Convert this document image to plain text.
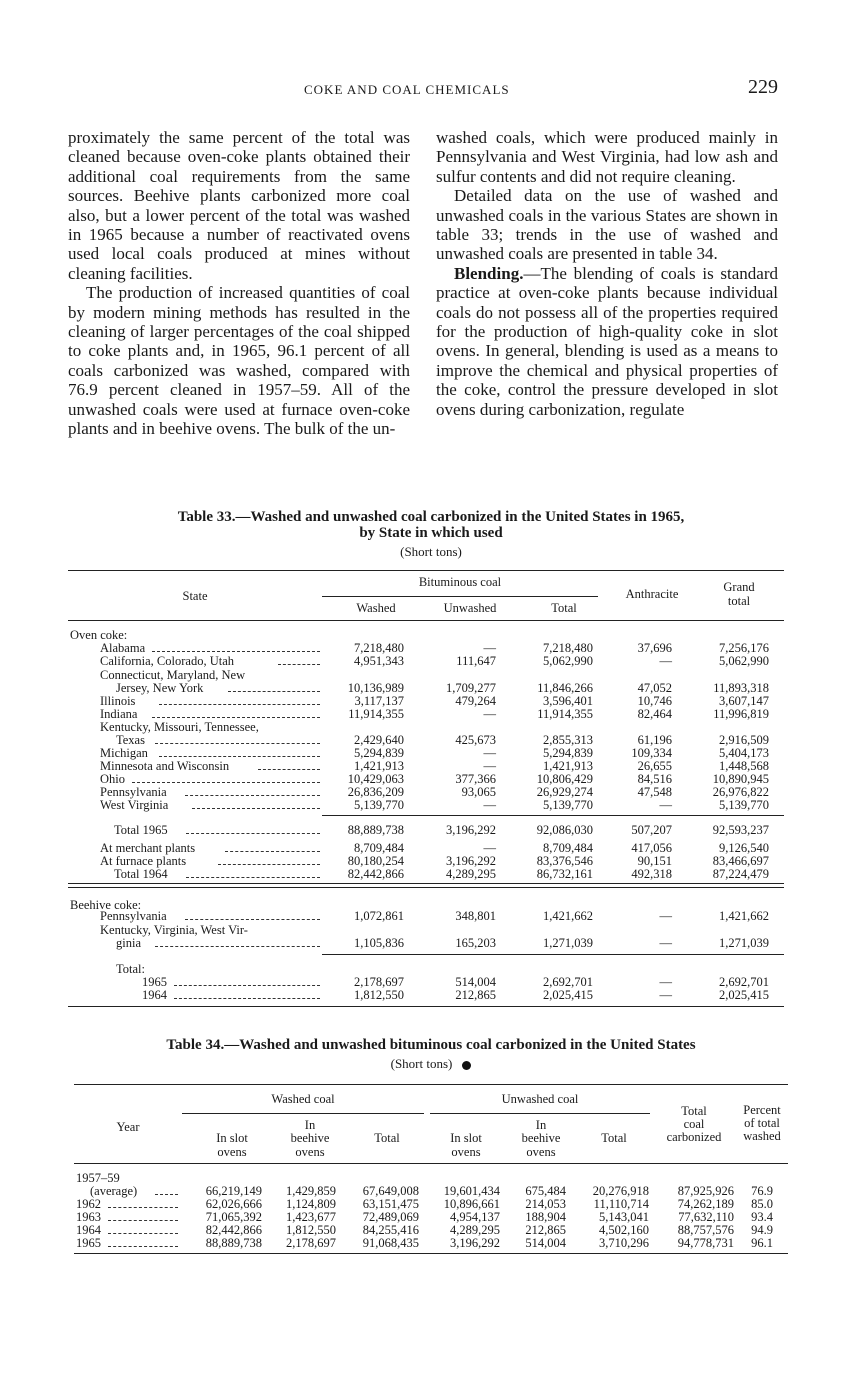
COKE AND COAL CHEMICALS	229

proximately the same percent of the total was cleaned because oven-coke plants obtained their additional coal requirements from the same sources. Beehive plants carbonized more coal also, but a lower percent of the total was washed in 1965 because a number of reactivated ovens used local coals produced at mines without cleaning facilities.

The production of increased quantities of coal by modern mining methods has resulted in the cleaning of larger percentages of the coal shipped to coke plants and, in 1965, 96.1 percent of all coals carbonized was washed, compared with 76.9 percent cleaned in 1957–59. All of the unwashed coals were used at furnace oven-coke plants and in beehive ovens. The bulk of the un-

washed coals, which were produced mainly in Pennsylvania and West Virginia, had low ash and sulfur contents and did not require cleaning.

Detailed data on the use of washed and unwashed coals in the various States are shown in table 33; trends in the use of washed and unwashed coals are presented in table 34.

Blending.—The blending of coals is standard practice at oven-coke plants because individual coals do not possess all of the properties required for the production of high-quality coke in slot ovens. In general, blending is used as a means to improve the chemical and physical properties of the coke, control the pressure developed in slot ovens during carbonization, regulate

Table 33.—Washed and unwashed coal carbonized in the United States in 1965,
by State in which used
(Short tons)
State
Bituminous coal
Washed	Unwashed	Total
Anthracite	Grand
total
Oven coke:
Alabama	7,218,480	—	7,218,480	37,696	7,256,176
California, Colorado, Utah	4,951,343	111,647	5,062,990	—	5,062,990
Connecticut, Maryland, New
Jersey, New York	10,136,989	1,709,277	11,846,266	47,052	11,893,318
Illinois	3,117,137	479,264	3,596,401	10,746	3,607,147
Indiana	11,914,355	—	11,914,355	82,464	11,996,819
Kentucky, Missouri, Tennessee,
Texas	2,429,640	425,673	2,855,313	61,196	2,916,509
Michigan	5,294,839	—	5,294,839	109,334	5,404,173
Minnesota and Wisconsin	1,421,913	—	1,421,913	26,655	1,448,568
Ohio	10,429,063	377,366	10,806,429	84,516	10,890,945
Pennsylvania	26,836,209	93,065	26,929,274	47,548	26,976,822
West Virginia	5,139,770	—	5,139,770	—	5,139,770
Total 1965	88,889,738	3,196,292	92,086,030	507,207	92,593,237
At merchant plants	8,709,484	—	8,709,484	417,056	9,126,540
At furnace plants	80,180,254	3,196,292	83,376,546	90,151	83,466,697
Total 1964	82,442,866	4,289,295	86,732,161	492,318	87,224,479
Beehive coke:
Pennsylvania	1,072,861	348,801	1,421,662	—	1,421,662
Kentucky, Virginia, West Vir-
ginia	1,105,836	165,203	1,271,039	—	1,271,039
Total:
1965	2,178,697	514,004	2,692,701	—	2,692,701
1964	1,812,550	212,865	2,025,415	—	2,025,415
Table 34.—Washed and unwashed bituminous coal carbonized in the United States
(Short tons)
Year
Washed coal	Unwashed coal
In slot
ovens
In
beehive
ovens
Total	In slot
ovens
In
beehive
ovens
Total
Total
coal
carbonized
Percent
of total
washed
1957–59
(average)	66,219,149	1,429,859	67,649,008	19,601,434	675,484	20,276,918	87,925,926	76.9
1962	62,026,666	1,124,809	63,151,475	10,896,661	214,053	11,110,714	74,262,189	85.0
1963	71,065,392	1,423,677	72,489,069	4,954,137	188,904	5,143,041	77,632,110	93.4
1964	82,442,866	1,812,550	84,255,416	4,289,295	212,865	4,502,160	88,757,576	94.9
1965	88,889,738	2,178,697	91,068,435	3,196,292	514,004	3,710,296	94,778,731	96.1
